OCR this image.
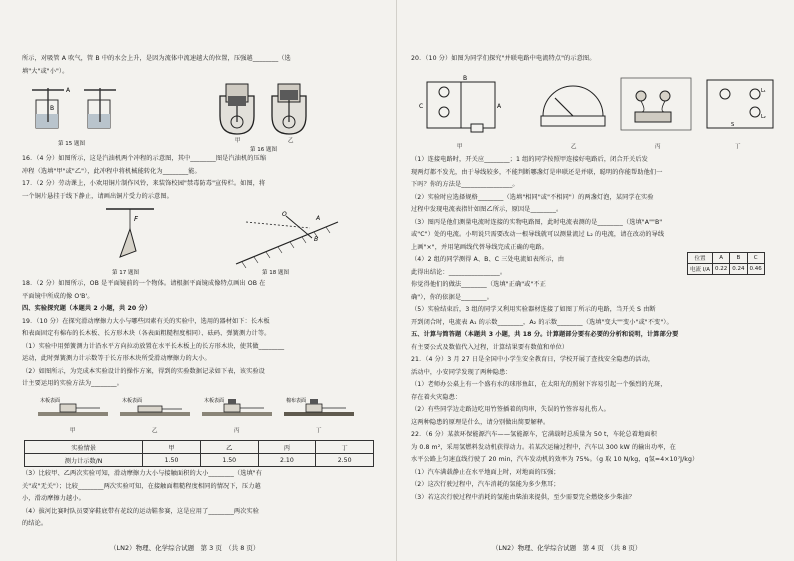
所示，对吸管 A 吹气，管 B 中的水会上升，是因为流体中流速越大的位置，压强越________（选

填"大"或"小"）。

A
B
第 15 题图	甲	乙
第 16 题图

16．（4 分）如图所示，这是汽油机两个冲程的示意图，其中________图是汽油机的压缩

冲程（选填"甲"或"乙"），此冲程中将机械能转化为________能。

17．（2 分）劳动课上，小欢用铜片制作风铃，来装饰校园"禁毒防毒"宣传栏。如图，将

一个铜片悬挂于线下静止，请画出铜片受力的示意图。

F
第 17 题图
O
B
A
第 18 题图

18．（2 分）如图所示，OB 是平面镜前的一个物体。请根据平面镜成像特点画出 OB 在

平面镜中所成的像 O'B'。

四、实验探究题（本题共 2 小题，共 20 分）

19．（10 分）在探究滑动摩擦力大小与哪些因素有关的实验中，选用的器材如下：长木板

和表面固定有棉布的长木板、长方形木块（各表面粗糙程度相同）、砝码、弹簧测力计等。

（1）实验中用弹簧测力计沿水平方向拉动放置在水平长木板上的长方形木块，使其做________

运动，此时弹簧测力计示数等于长方形木块所受滑动摩擦力的大小。

（2）如图所示，为完成本实验设计的操作方案，得到的实验数据记录如下表，该实验设

计主要运用的实验方法为________。

木板表面	木板表面	木板表面	棉布表面
甲	乙	丙	丁
实验情景	甲	乙	丙	丁
测力计示数/N	1.50	1.50	2.10	2.50

（3）比较甲、乙两次实验可知，滑动摩擦力大小与接触面积的大小________（选填"有

关"或"无关"）；比较________两次实验可知，在接触面粗糙程度相同的情况下，压力越

小，滑动摩擦力越小。

（4）拔河比赛时队员要穿鞋底带有花纹的运动鞋参赛，这是应用了________两次实验

的结论。

（LN2）物理、化学综合试题　第 3 页　（共 8 页）
20．（10 分）如图为同学们探究"并联电路中电流特点"的示意图。
C
B
A
L₁
L₂
S
甲	乙	丙	丁

（1）连接电路时，开关应________；1 组的同学按照甲连接好电路后，闭合开关后发

现两灯都不发光，由于导线较多，不能判断哪盏灯是串联还是并联，聪明的你能帮助他们一

下吗？你的方法是________________。

（2）实验时应选择规格________（选填"相同"或"不相同"）的两盏灯泡，某同学在实验

过程中发现电流表指针如图乙所示，原因是________。

（3）图丙是他们测量电流时连接的实物电路图，此时电流表测的是________（选填"A""B"

或"C"）处的电流。小明说只需要改动一根导线就可以测量流过 L₂ 的电流，请在改动的导线

上画"×"，并用笔画线代替导线完成正确的电路。

（4）2 组的同学测得 A、B、C 三处电流如表所示，由

此得出结论：________________。

你觉得他们的做法________（选填"正确"或"不正

确"），你的依据是________。

（5）实验结束后，3 组的同学又利用实验器材连接了如图丁所示的电路，当开关 S 由断

开到闭合时，电流表 A₁ 的示数________，A₂ 的示数________（选填"变大""变小"或"不变"）。

五、计算与简答题（本题共 3 小题，共 18 分。计算题部分要有必要的分析和说明，计算部分要

有主要公式及数值代入过程，计算结果要有数值和单位）

21．（4 分）3 月 27 日是全国中小学生安全教育日，学校开展了查找安全隐患的活动，

活动中，小安同学发现了两种隐患：

（1）老师办公桌上有一个盛有水的球形鱼缸，在太阳光的照射下容易引起一个强烈的光斑，

存在着火灾隐患：

（2）有些同学边走路边吃用竹签插着的肉串，失误的竹签容易扎伤人。

这两种隐患的原理是什么，请分别做出简要解释。

22．（6 分）某款环保能源汽车——氢能源车，它满载时总质量为 50 t，车轮总着地面积

为 0.8 m²，采用氢燃料发动机获得动力。若某次运输过程中，汽车以 300 kW 的输出功率，在

水平公路上匀速直线行驶了 20 min，汽车发动机的效率为 75%。（g 取 10 N/kg，q氢=4×10⁷J/kg）

（1）汽车满载静止在水平地面上时，对地面的压强；

（2）这次行驶过程中，汽车消耗的氢能为多少焦耳；

（3）若这次行驶过程中消耗的氢能由柴油来提供，至少需要完全燃烧多少柴油？

位置	A	B	C
电流 I/A	0.22	0.24	0.46
（LN2）物理、化学综合试题　第 4 页　（共 8 页）
